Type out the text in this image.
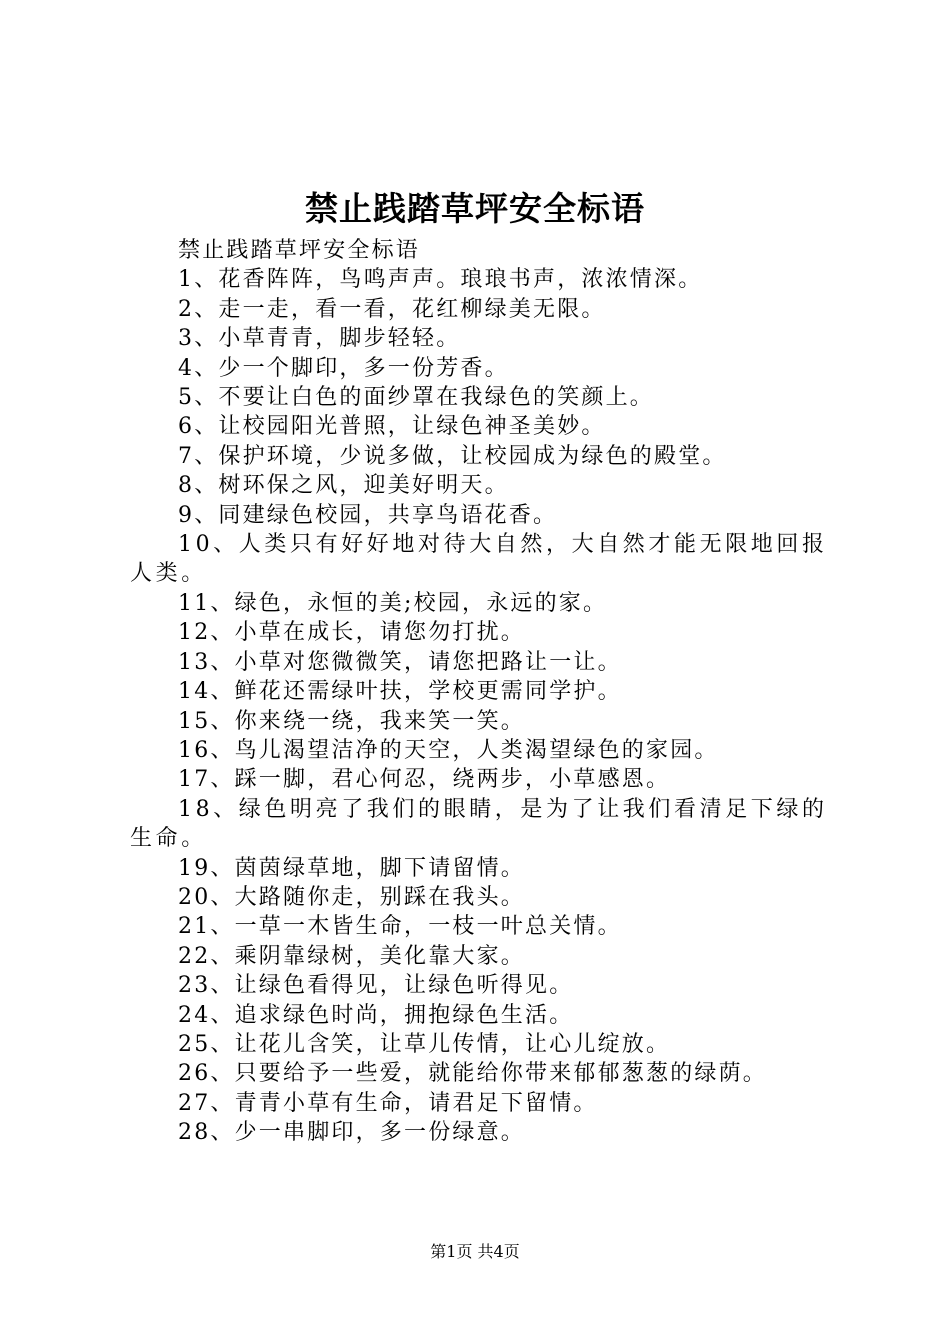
禁止践踏草坪安全标语

禁止践踏草坪安全标语

1、花香阵阵，鸟鸣声声。琅琅书声，浓浓情深。

2、走一走，看一看，花红柳绿美无限。

3、小草青青，脚步轻轻。

4、少一个脚印，多一份芳香。

5、不要让白色的面纱罩在我绿色的笑颜上。

6、让校园阳光普照，让绿色神圣美妙。

7、保护环境，少说多做，让校园成为绿色的殿堂。

8、树环保之风，迎美好明天。

9、同建绿色校园，共享鸟语花香。

10、人类只有好好地对待大自然，大自然才能无限地回报人类。

11、绿色，永恒的美;校园，永远的家。

12、小草在成长，请您勿打扰。

13、小草对您微微笑，请您把路让一让。

14、鲜花还需绿叶扶，学校更需同学护。

15、你来绕一绕，我来笑一笑。

16、鸟儿渴望洁净的天空，人类渴望绿色的家园。

17、踩一脚，君心何忍，绕两步，小草感恩。

18、绿色明亮了我们的眼睛，是为了让我们看清足下绿的生命。

19、茵茵绿草地，脚下请留情。

20、大路随你走，别踩在我头。

21、一草一木皆生命，一枝一叶总关情。

22、乘阴靠绿树，美化靠大家。

23、让绿色看得见，让绿色听得见。

24、追求绿色时尚，拥抱绿色生活。

25、让花儿含笑，让草儿传情，让心儿绽放。

26、只要给予一些爱，就能给你带来郁郁葱葱的绿荫。

27、青青小草有生命，请君足下留情。

28、少一串脚印，多一份绿意。

第1页 共4页
